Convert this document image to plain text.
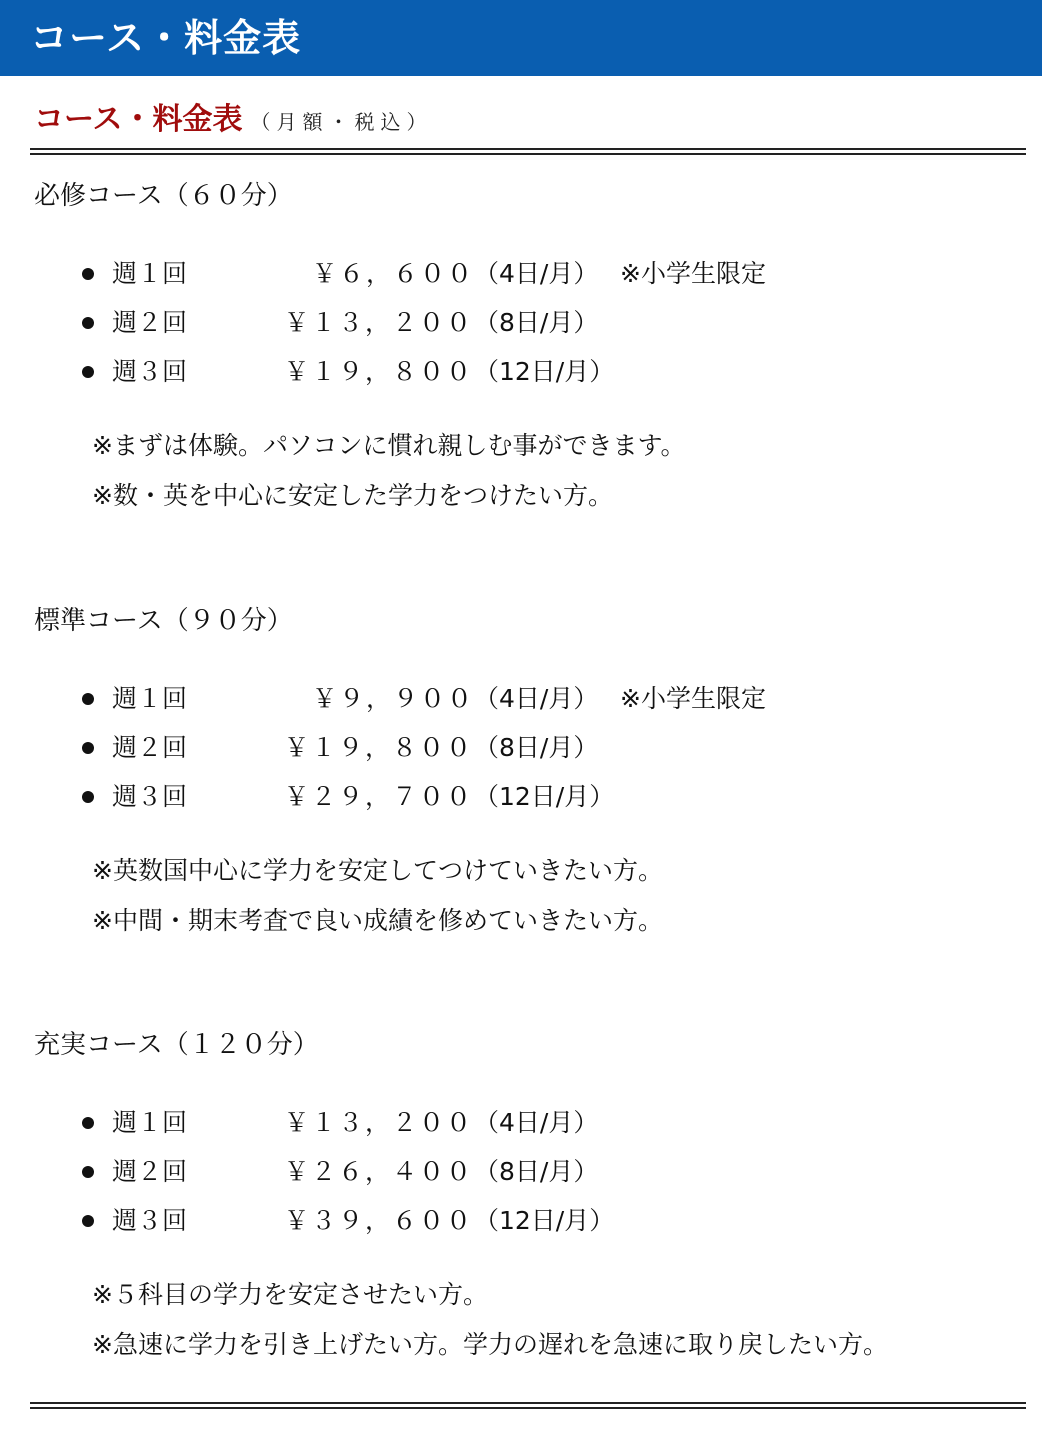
コース・料金表
コース・料金表 （月額・税込）
必修コース（６０分）
週１回	￥６，６００ （4日/月） ※小学生限定
週２回	￥１３，２００ （8日/月）
週３回	￥１９，８００ （12日/月）
※まずは体験。パソコンに慣れ親しむ事ができます。
※数・英を中心に安定した学力をつけたい方。
標準コース（９０分）
週１回	￥９，９００ （4日/月） ※小学生限定
週２回	￥１９，８００ （8日/月）
週３回	￥２９，７００ （12日/月）
※英数国中心に学力を安定してつけていきたい方。
※中間・期末考査で良い成績を修めていきたい方。
充実コース（１２０分）
週１回	￥１３，２００ （4日/月）
週２回	￥２６，４００ （8日/月）
週３回	￥３９，６００ （12日/月）
※５科目の学力を安定させたい方。
※急速に学力を引き上げたい方。学力の遅れを急速に取り戻したい方。
